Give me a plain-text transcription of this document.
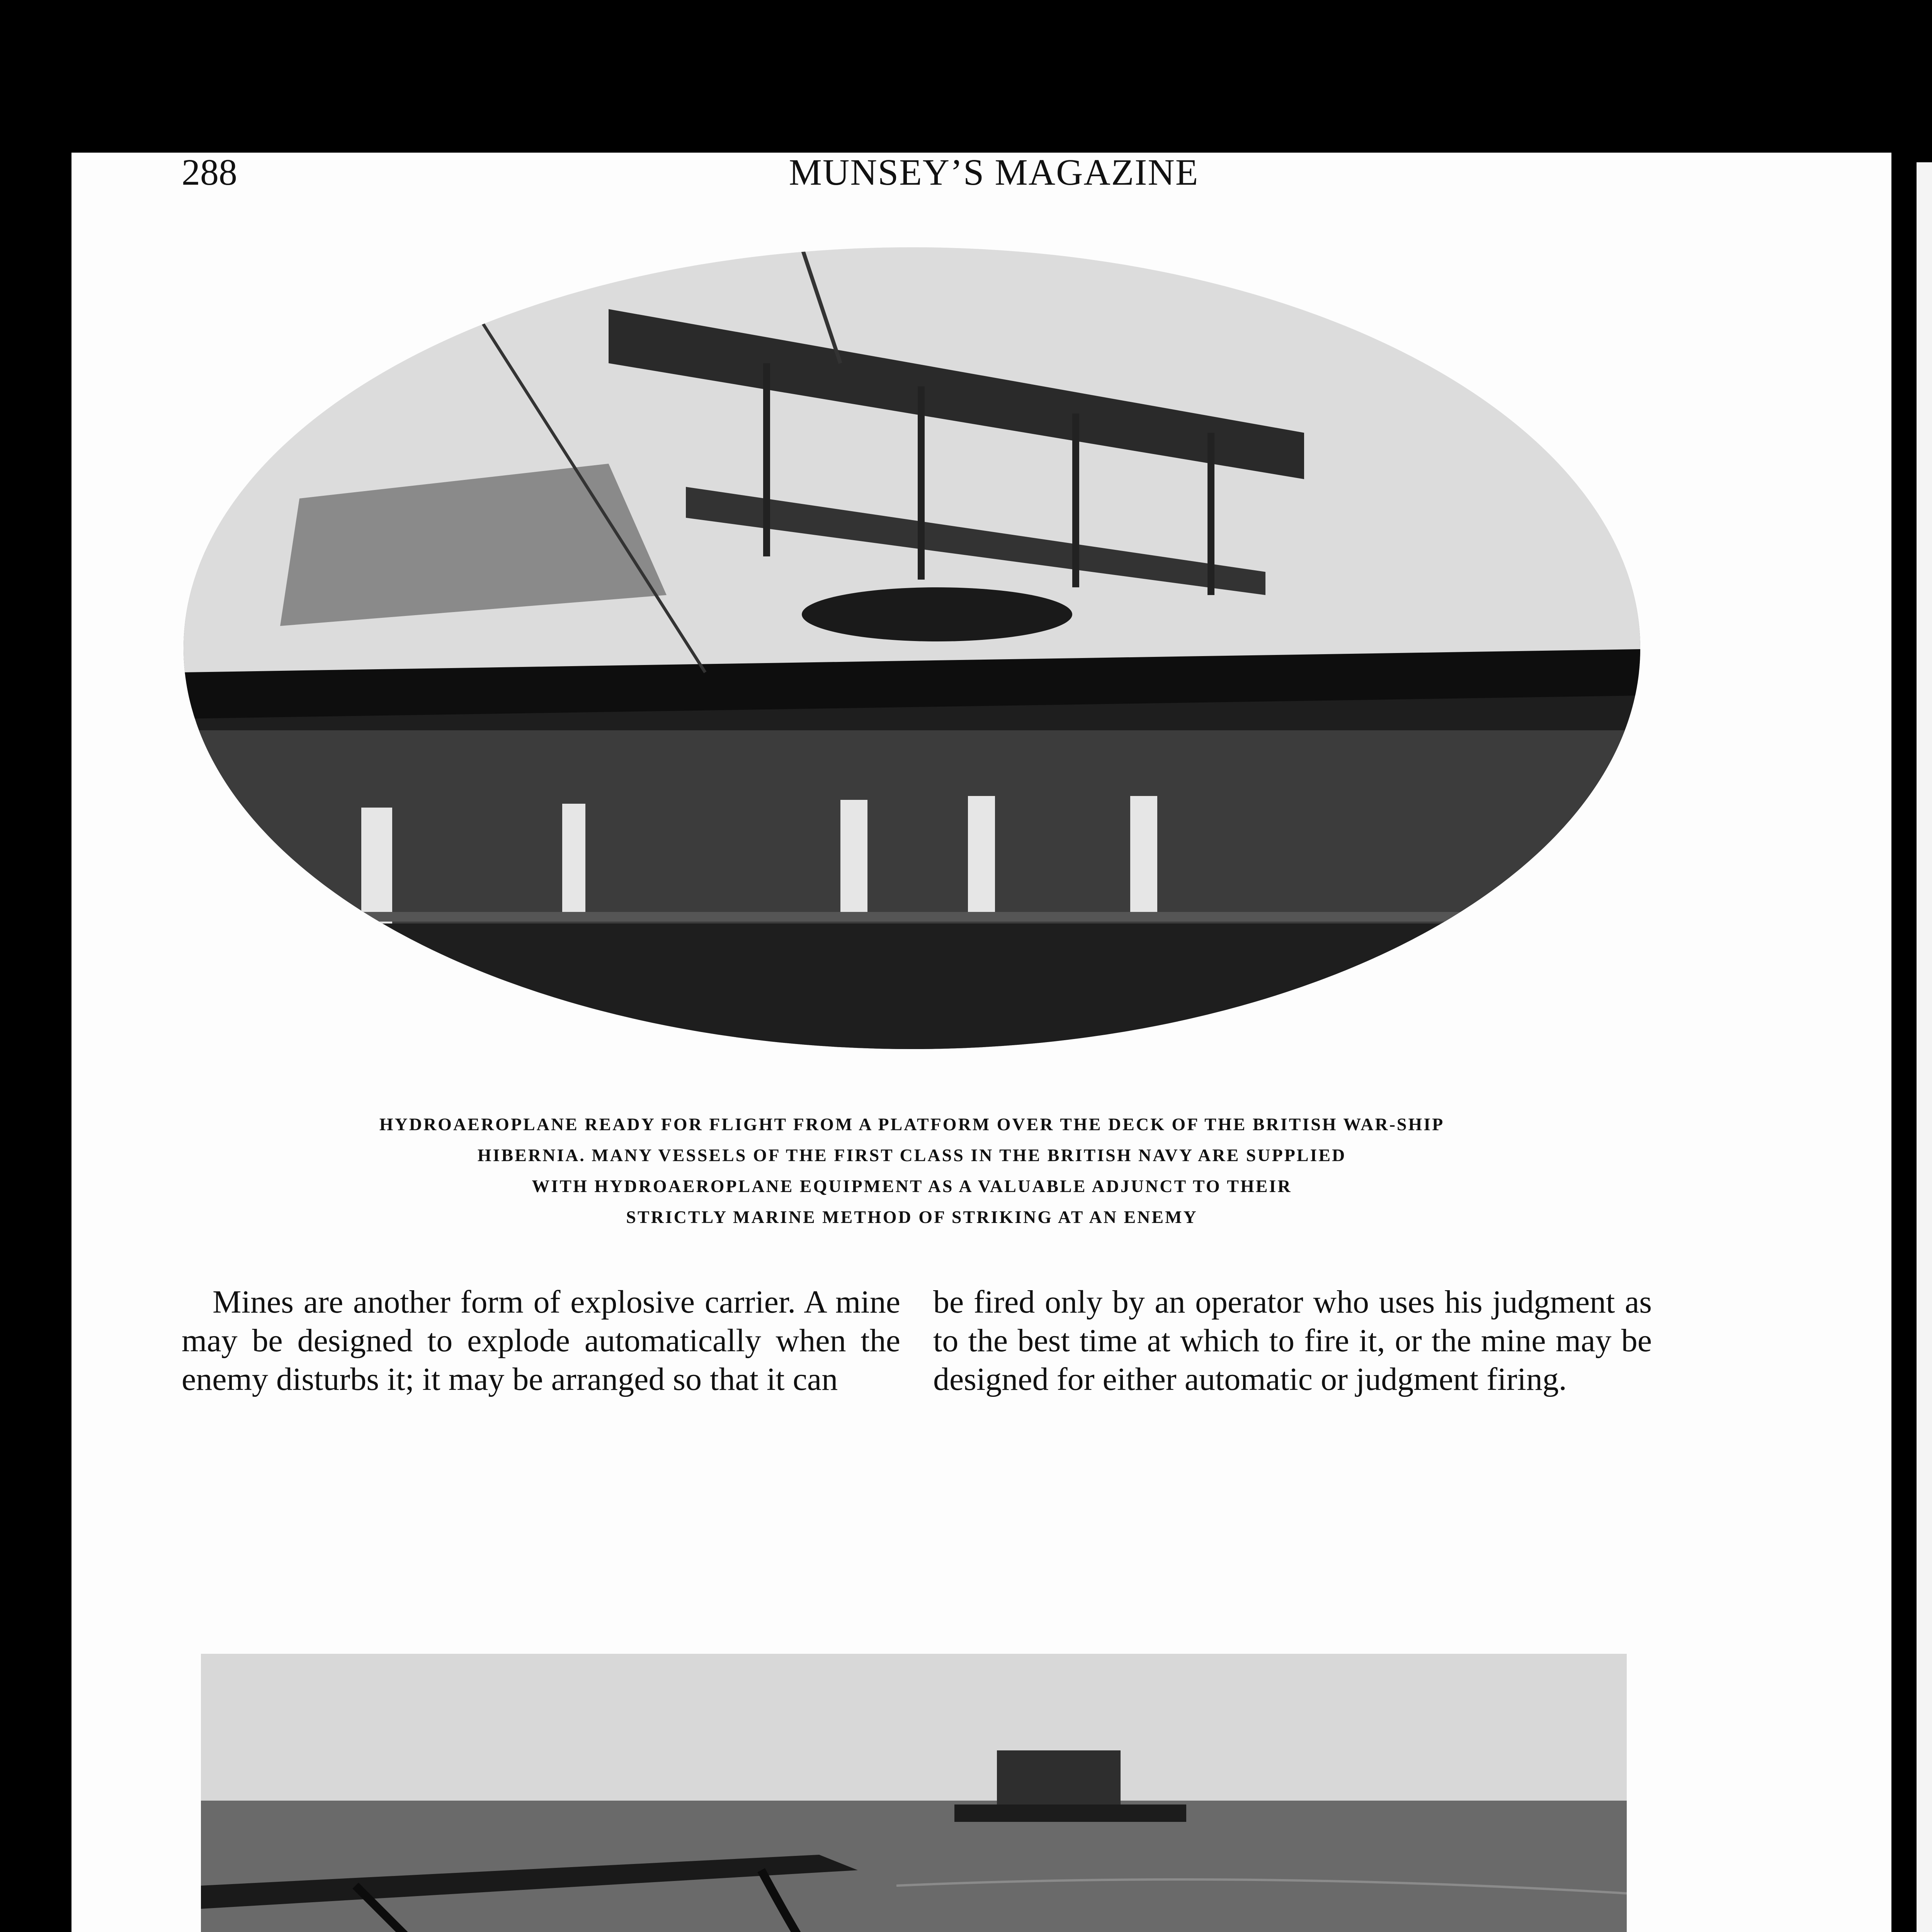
288	MUNSEY’S MAGAZINE
HYDROAEROPLANE READY FOR FLIGHT FROM A PLATFORM OVER THE DECK OF THE BRITISH WAR-SHIP
HIBERNIA. MANY VESSELS OF THE FIRST CLASS IN THE BRITISH NAVY ARE SUPPLIED
WITH HYDROAEROPLANE EQUIPMENT AS A VALUABLE ADJUNCT TO THEIR
STRICTLY MARINE METHOD OF STRIKING AT AN ENEMY

Mines are another form of explosive carrier. A mine may be designed to explode automatically when the enemy disturbs it; it may be arranged so that it can

be fired only by an operator who uses his judgment as to the best time at which to fire it, or the mine may be designed for either automatic or judgment firing.
